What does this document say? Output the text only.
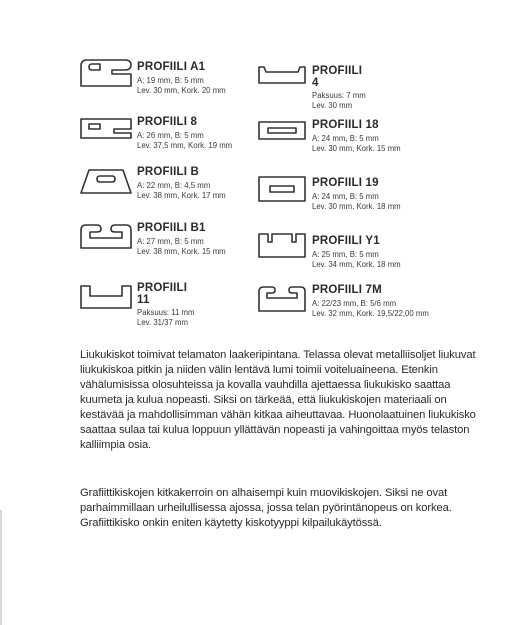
PROFIILI A1
A: 19 mm, B: 5 mm
Lev. 30 mm, Kork. 20 mm
PROFIILI 8
A: 26 mm, B: 5 mm
Lev. 37,5 mm, Kork. 19 mm
PROFIILI B
A: 22 mm, B: 4,5 mm
Lev. 38 mm, Kork. 17 mm
PROFIILI B1
A: 27 mm, B: 5 mm
Lev. 38 mm, Kork. 15 mm
PROFIILI 11
Paksuus: 11 mm
Lev. 31/37 mm
PROFIILI 4
Paksuus: 7 mm
Lev. 30 mm
PROFIILI 18
A: 24 mm, B: 5 mm
Lev. 30 mm, Kork. 15 mm
PROFIILI 19
A: 24 mm, B: 5 mm
Lev. 30 mm, Kork. 18 mm
PROFIILI Y1
A: 25 mm, B: 5 mm
Lev. 34 mm, Kork. 18 mm
PROFIILI 7M
A: 22/23 mm, B: 5/6 mm
Lev. 32 mm, Kork. 19,5/22,00 mm

Liukukiskot toimivat telamaton laakeripintana. Telassa olevat metalliisoljet liukuvat liukukiskoa pitkin ja niiden välin lentävä lumi toimii voiteluaineena. Etenkin vähälumisissa olosuhteissa ja kovalla vauhdilla ajettaessa liukukisko saattaa kuumeta ja kulua nopeasti. Siksi on tärkeää, että liukukiskojen materiaali on kestävää ja mahdollisimman vähän kitkaa aiheuttavaa. Huonolaatuinen liukukisko saattaa sulaa tai kulua loppuun yllättävän nopeasti ja vahingoittaa myös telaston kalliimpia osia.

Grafiittikiskojen kitkakerroin on alhaisempi kuin muovikiskojen. Siksi ne ovat parhaimmillaan urheilullisessa ajossa, jossa telan pyörintänopeus on korkea. Grafiittikisko onkin eniten käytetty kiskotyyppi kilpailukäytössä.
